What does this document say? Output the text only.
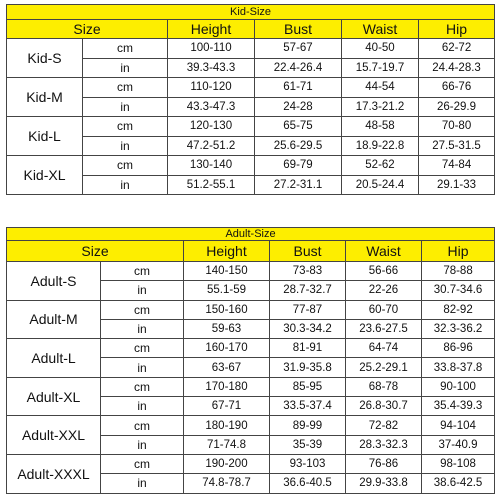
Kid-Size					
Size		Height	Bust	Waist	Hip
Kid-S	cm	100-110	57-67	40-50	62-72
	in	39.3-43.3	22.4-26.4	15.7-19.7	24.4-28.3
Kid-M	cm	110-120	61-71	44-54	66-76
	in	43.3-47.3	24-28	17.3-21.2	26-29.9
Kid-L	cm	120-130	65-75	48-58	70-80
	in	47.2-51.2	25.6-29.5	18.9-22.8	27.5-31.5
Kid-XL	cm	130-140	69-79	52-62	74-84
	in	51.2-55.1	27.2-31.1	20.5-24.4	29.1-33
Adult-Size					
Size		Height	Bust	Waist	Hip
Adult-S	cm	140-150	73-83	56-66	78-88
	in	55.1-59	28.7-32.7	22-26	30.7-34.6
Adult-M	cm	150-160	77-87	60-70	82-92
	in	59-63	30.3-34.2	23.6-27.5	32.3-36.2
Adult-L	cm	160-170	81-91	64-74	86-96
	in	63-67	31.9-35.8	25.2-29.1	33.8-37.8
Adult-XL	cm	170-180	85-95	68-78	90-100
	in	67-71	33.5-37.4	26.8-30.7	35.4-39.3
Adult-XXL	cm	180-190	89-99	72-82	94-104
	in	71-74.8	35-39	28.3-32.3	37-40.9
Adult-XXXL	cm	190-200	93-103	76-86	98-108
	in	74.8-78.7	36.6-40.5	29.9-33.8	38.6-42.5
